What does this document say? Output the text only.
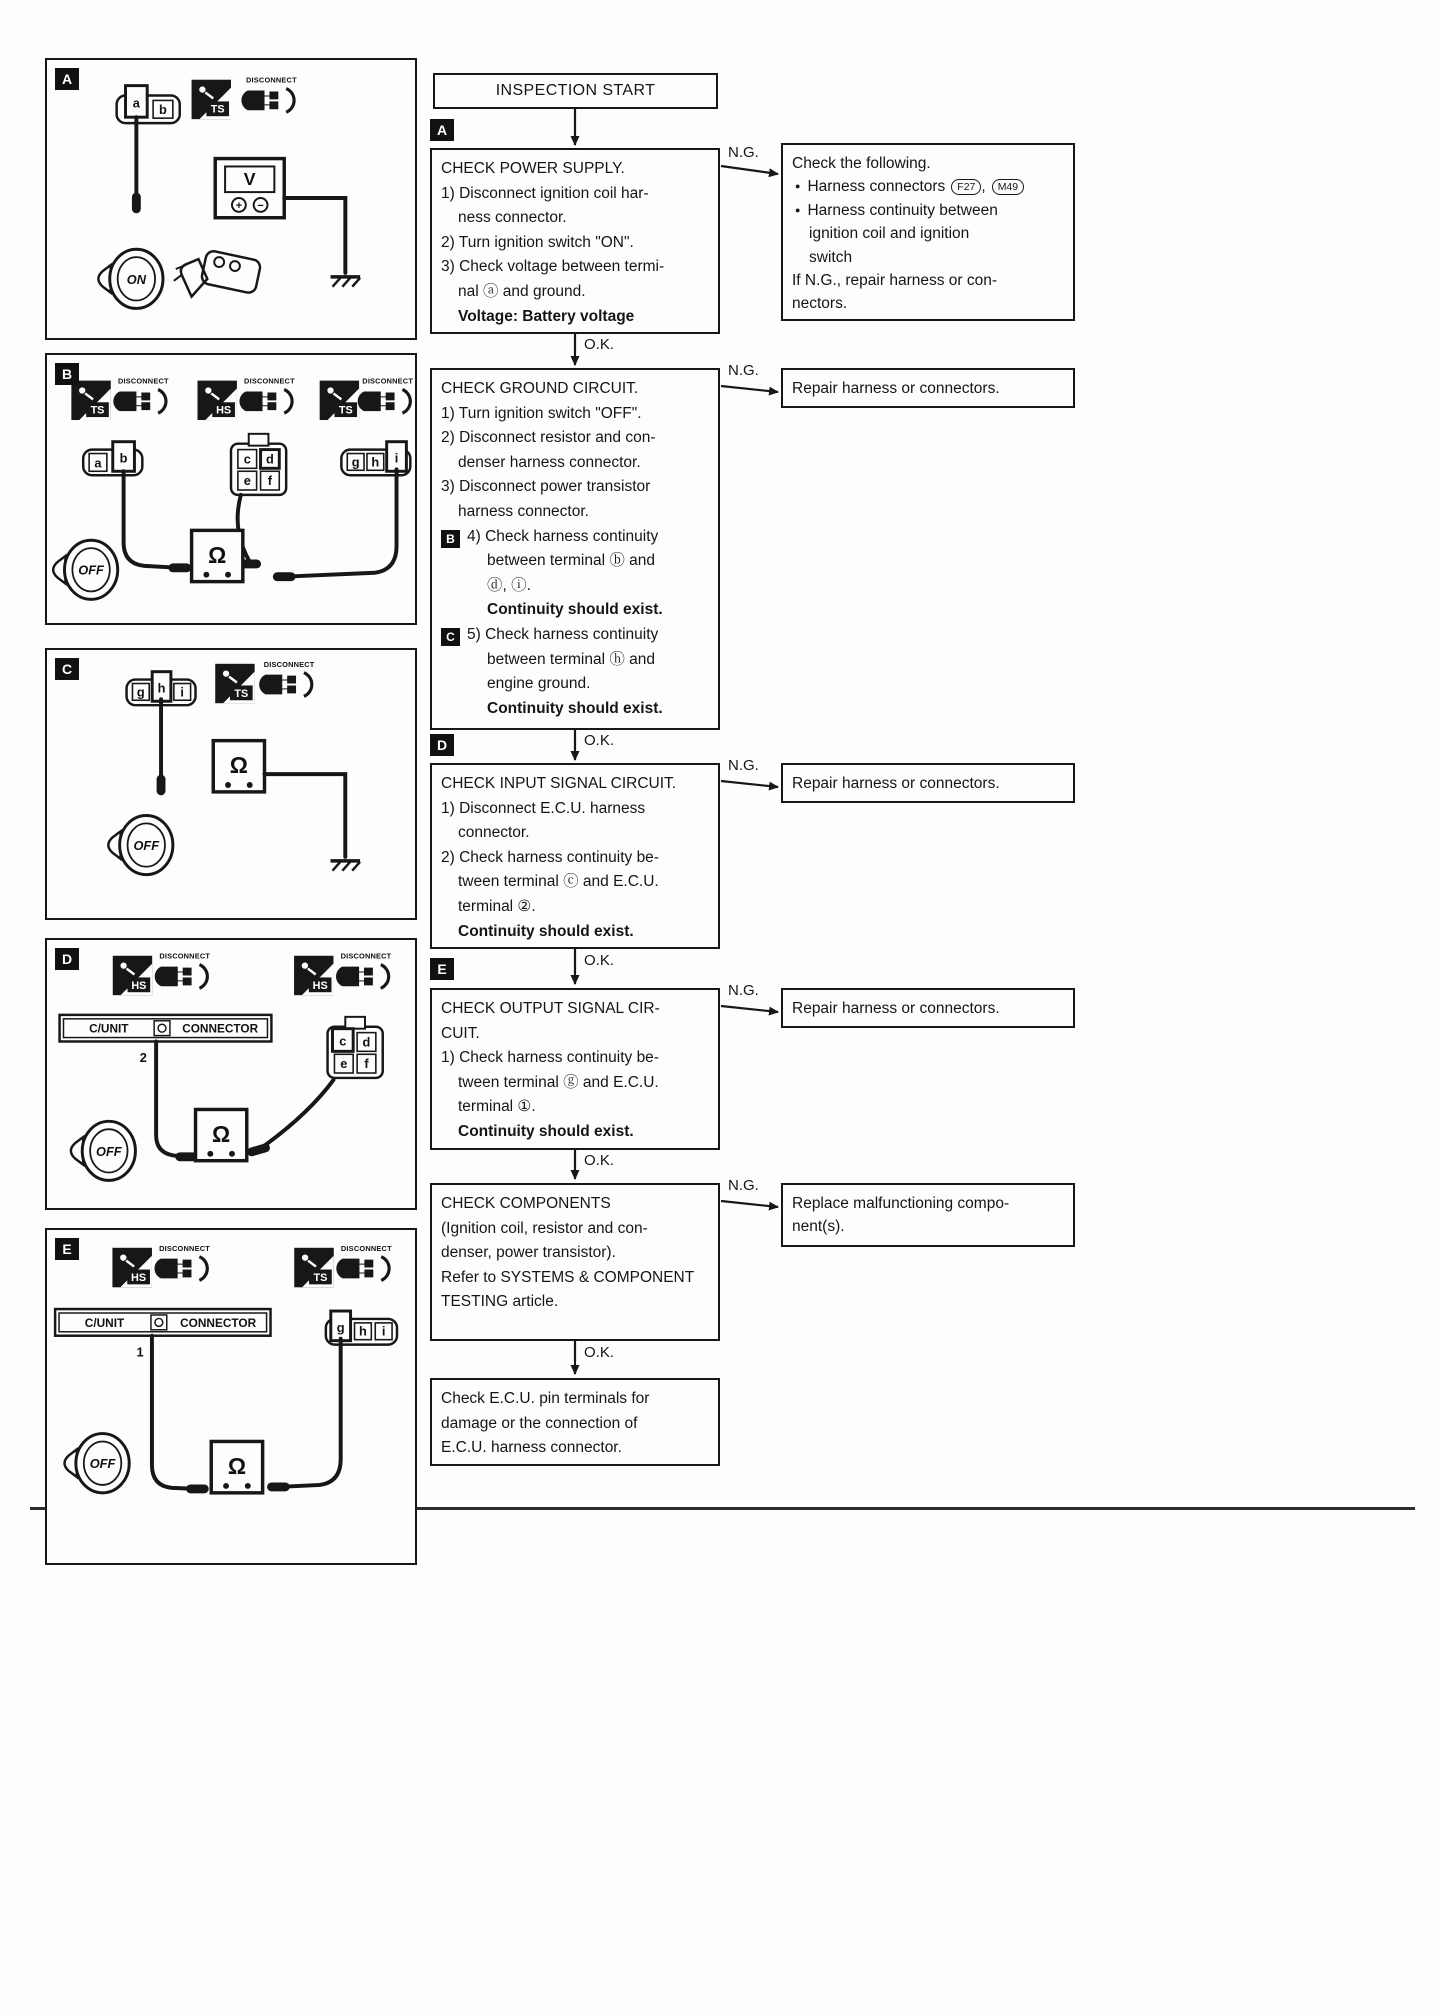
A
a b	TS
DISCONNECT
V
+ −
ON
B
TS
DISCONNECT
HS
DISCONNECT
TS
DISCONNECT
a b	c d
e f
g h i
Ω
OFF
C
g	i
h	TS
DISCONNECT
Ω
OFF
D
HS
DISCONNECT
HS
DISCONNECT
C/UNIT	CONNECTOR
2
d
e f
c
Ω
OFF
E
HS
DISCONNECT
TS
DISCONNECT
C/UNIT	CONNECTOR
1
h i
g
Ω
OFF
INSPECTION START
A
CHECK POWER SUPPLY.
1) Disconnect ignition coil har-
ness connector.
2) Turn ignition switch "ON".
3) Check voltage between termi-
nal ⓐ and ground.
Voltage: Battery voltage
CHECK GROUND CIRCUIT.
1) Turn ignition switch "OFF".
2) Disconnect resistor and con-
denser harness connector.
3) Disconnect power transistor
harness connector.
B 4) Check harness continuity
between terminal ⓑ and
ⓓ, ⓘ.
Continuity should exist.
C 5) Check harness continuity
between terminal ⓗ and
engine ground.
Continuity should exist.
D
CHECK INPUT SIGNAL CIRCUIT.
1) Disconnect E.C.U. harness
connector.
2) Check harness continuity be-
tween terminal ⓒ and E.C.U.
terminal ②.
Continuity should exist.
E
CHECK OUTPUT SIGNAL CIR-
CUIT.
1) Check harness continuity be-
tween terminal ⓖ and E.C.U.
terminal ①.
Continuity should exist.
CHECK COMPONENTS
(Ignition coil, resistor and con-
denser, power transistor).
Refer to SYSTEMS & COMPONENT
TESTING article.
Check E.C.U. pin terminals for
damage or the connection of
E.C.U. harness connector.
O.K.
O.K.
O.K.
O.K.
O.K.
N.G.
N.G.
N.G.
N.G.
N.G.
Check the following.
● Harness connectors F27 , M49
● Harness continuity between
ignition coil and ignition
switch
If N.G., repair harness or con-
nectors.
Repair harness or connectors.
Repair harness or connectors.
Repair harness or connectors.
Replace malfunctioning compo-
nent(s).
